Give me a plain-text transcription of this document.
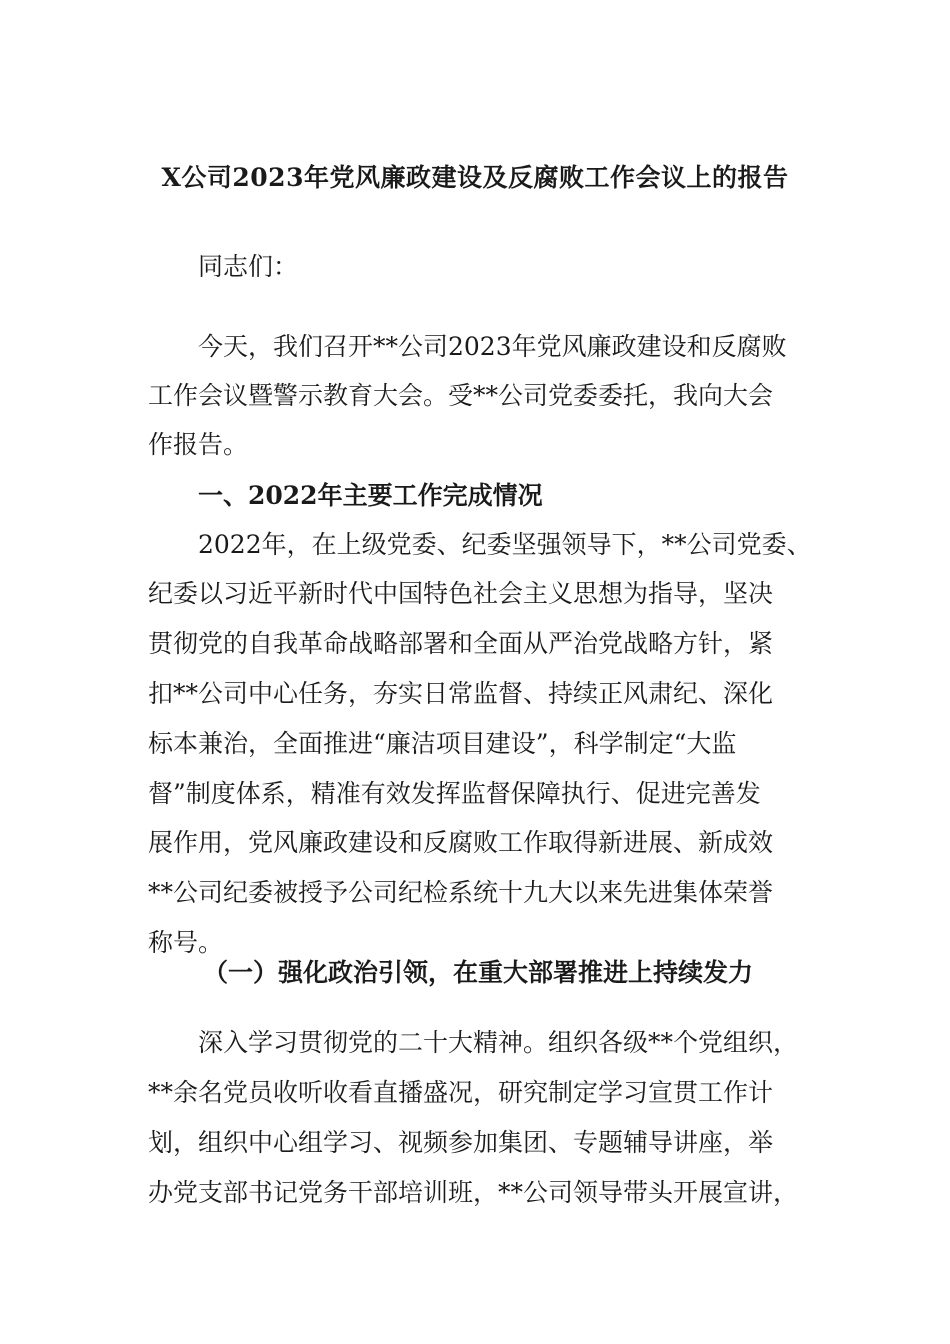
X公司2023年党风廉政建设及反腐败工作会议上的报告
同志们：
今天，我们召开**公司2023年党风廉政建设和反腐败
工作会议暨警示教育大会。受**公司党委委托，我向大会
作报告。
一、2022年主要工作完成情况
2022年，在上级党委、纪委坚强领导下，**公司党委、
纪委以习近平新时代中国特色社会主义思想为指导，坚决
贯彻党的自我革命战略部署和全面从严治党战略方针，紧
扣**公司中心任务，夯实日常监督、持续正风肃纪、深化
标本兼治，全面推进“廉洁项目建设”，科学制定“大监
督”制度体系，精准有效发挥监督保障执行、促进完善发
展作用，党风廉政建设和反腐败工作取得新进展、新成效
**公司纪委被授予公司纪检系统十九大以来先进集体荣誉
称号。
（一）强化政治引领，在重大部署推进上持续发力
深入学习贯彻党的二十大精神。组织各级**个党组织，
**余名党员收听收看直播盛况，研究制定学习宣贯工作计
划，组织中心组学习、视频参加集团、专题辅导讲座，举
办党支部书记党务干部培训班，**公司领导带头开展宣讲，
